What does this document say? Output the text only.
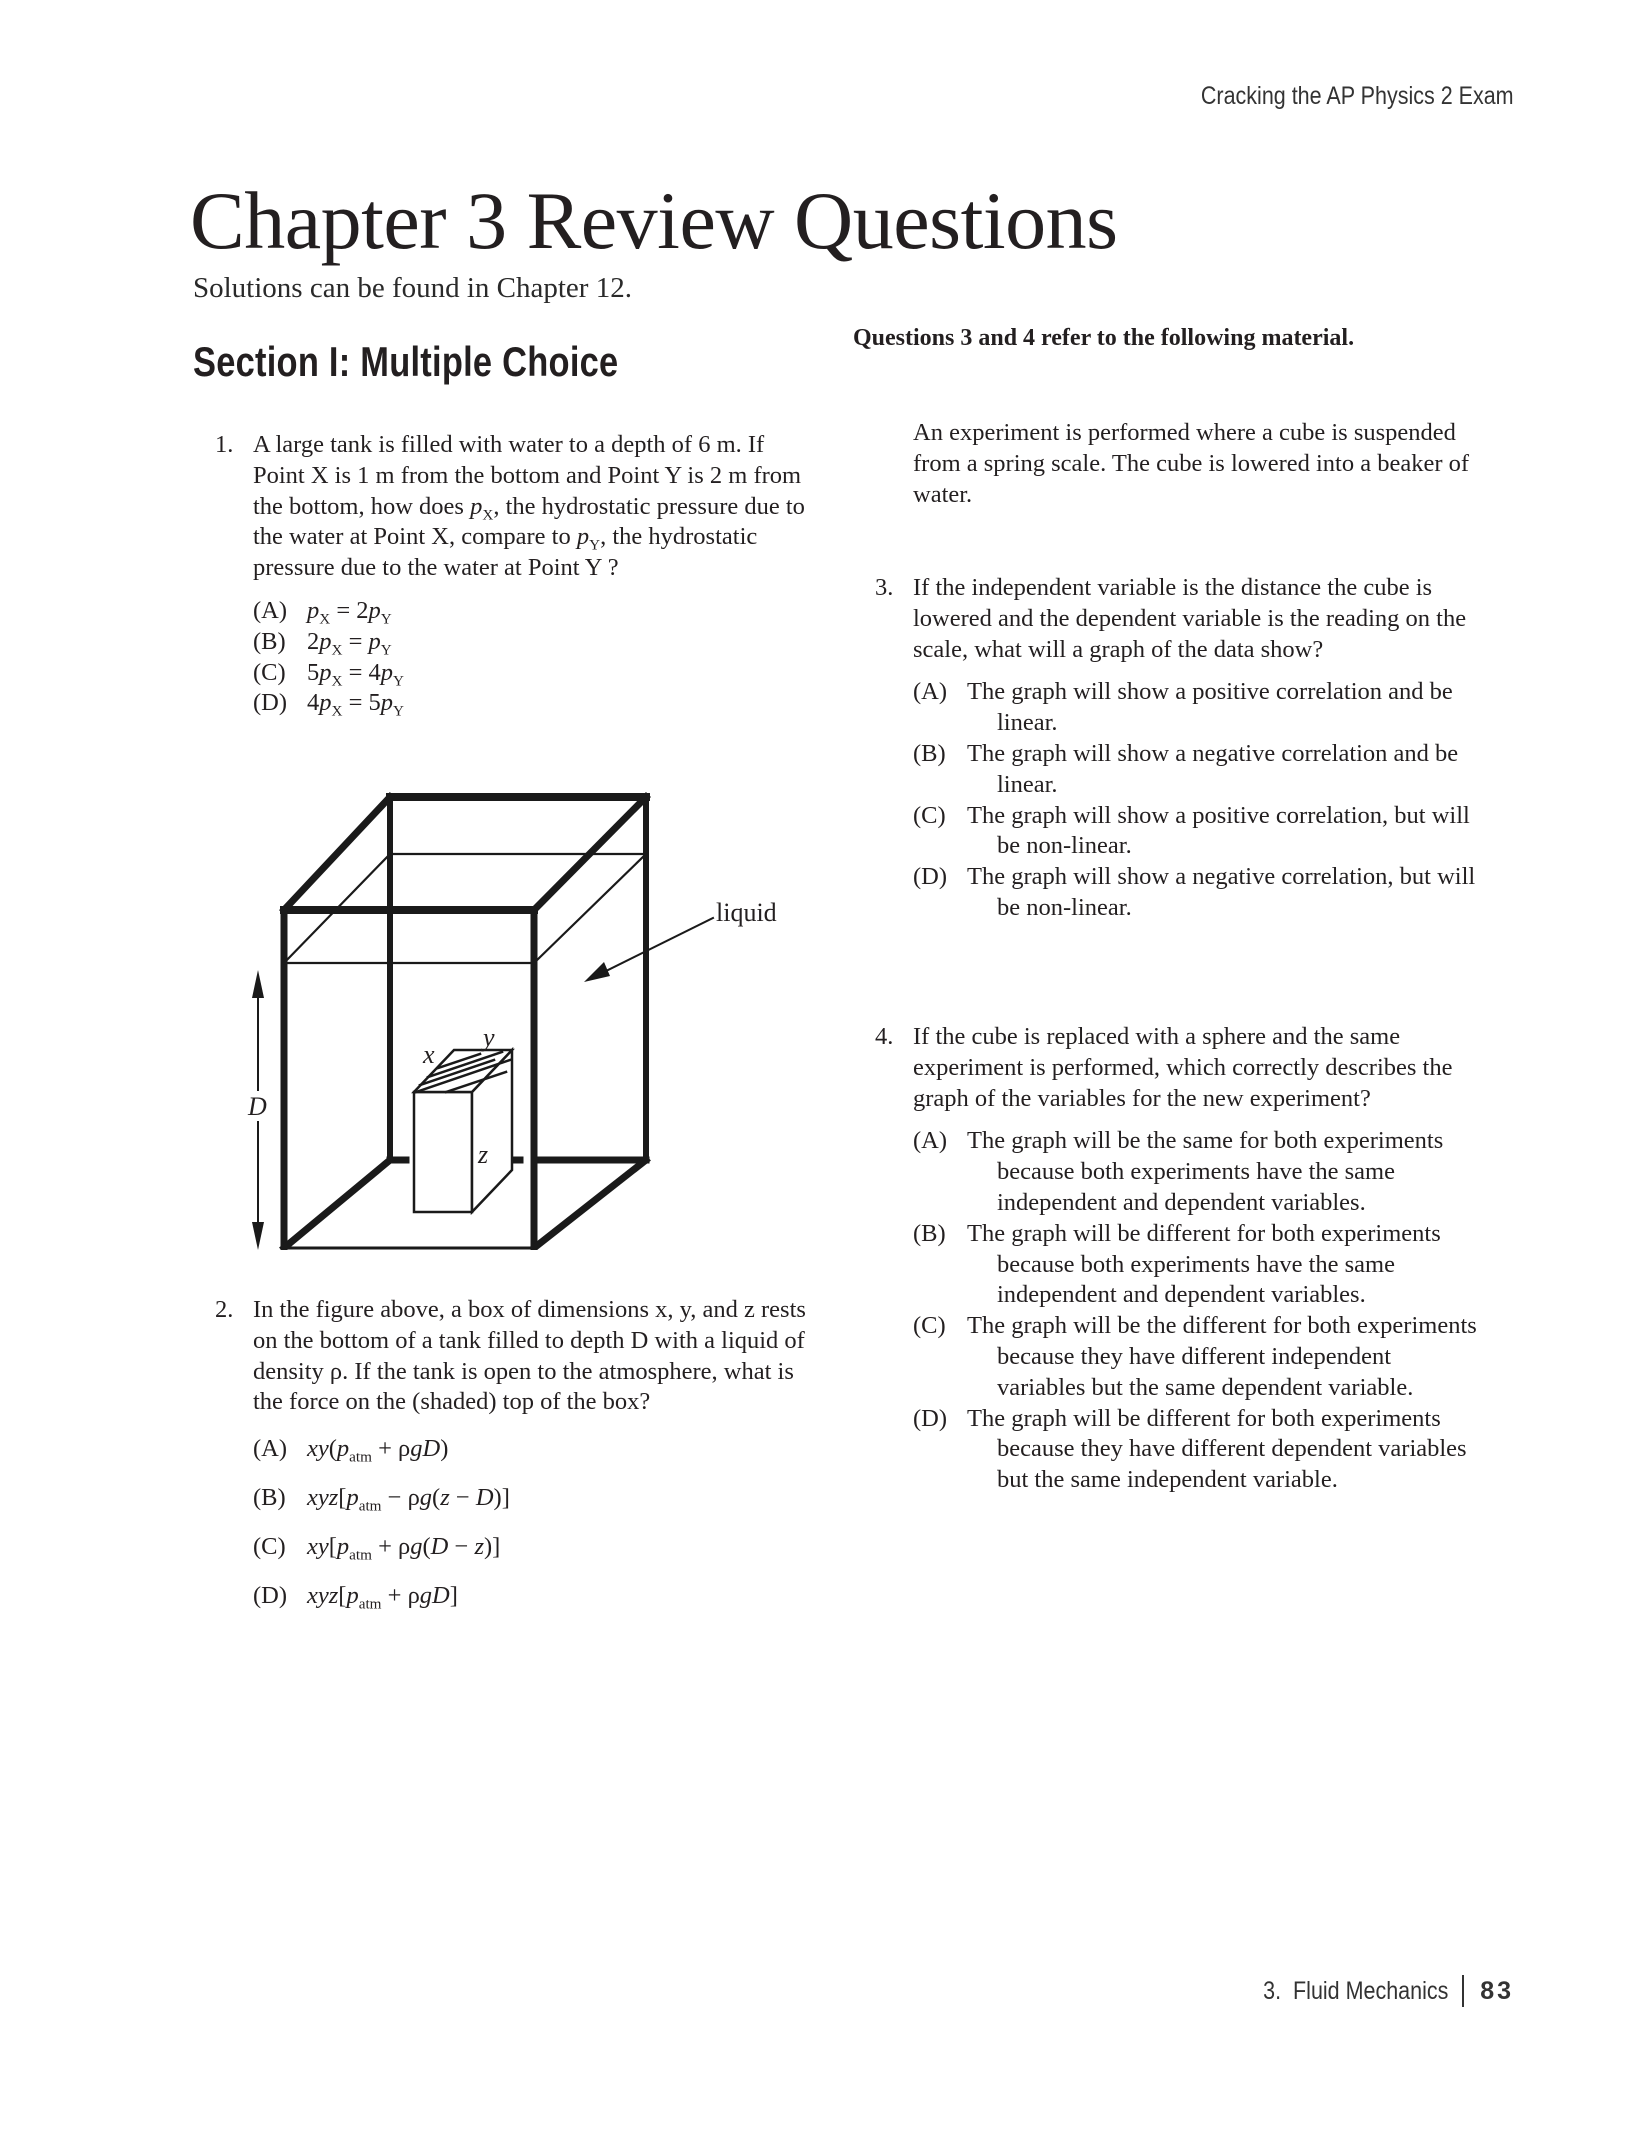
Cracking the AP Physics 2 Exam
Chapter 3 Review Questions
Solutions can be found in Chapter 12.
Section I: Multiple Choice
1. A large tank is filled with water to a depth of 6 m. If Point X is 1 m from the bottom and Point Y is 2 m from the bottom, how does $p_X$, the hydrostatic pressure due to the water at Point X, compare to $p_Y$, the hydrostatic pressure due to the water at Point Y ?
(A) $p_X = 2p_Y$
(B) $2p_X = p_Y$
(C) $5p_X = 4p_Y$
(D) $4p_X = 5p_Y$
liquid
D
x
y
z
2. In the figure above, a box of dimensions x, y, and z rests on the bottom of a tank filled to depth D with a liquid of density ρ. If the tank is open to the atmosphere, what is the force on the (shaded) top of the box?
(A) $xy(p_{atm} + \rho gD)$
(B) $xyz[p_{atm} - \rho g(z - D)]$
(C) $xy[p_{atm} + \rho g(D - z)]$
(D) $xyz[p_{atm} + \rho gD]$
Questions 3 and 4 refer to the following material.
An experiment is performed where a cube is suspended from a spring scale. The cube is lowered into a beaker of water.
3. If the independent variable is the distance the cube is lowered and the dependent variable is the reading on the scale, what will a graph of the data show?
(A) The graph will show a positive correlation and be linear.
(B) The graph will show a negative correlation and be linear.
(C) The graph will show a positive correlation, but will be non-linear.
(D) The graph will show a negative correlation, but will be non-linear.
4. If the cube is replaced with a sphere and the same experiment is performed, which correctly describes the graph of the variables for the new experiment?
(A) The graph will be the same for both experiments because both experiments have the same independent and dependent variables.
(B) The graph will be different for both experiments because both experiments have the same independent and dependent variables.
(C) The graph will be the different for both experiments because they have different independent variables but the same dependent variable.
(D) The graph will be different for both experiments because they have different dependent variables but the same independent variable.
3.  Fluid Mechanics 83
